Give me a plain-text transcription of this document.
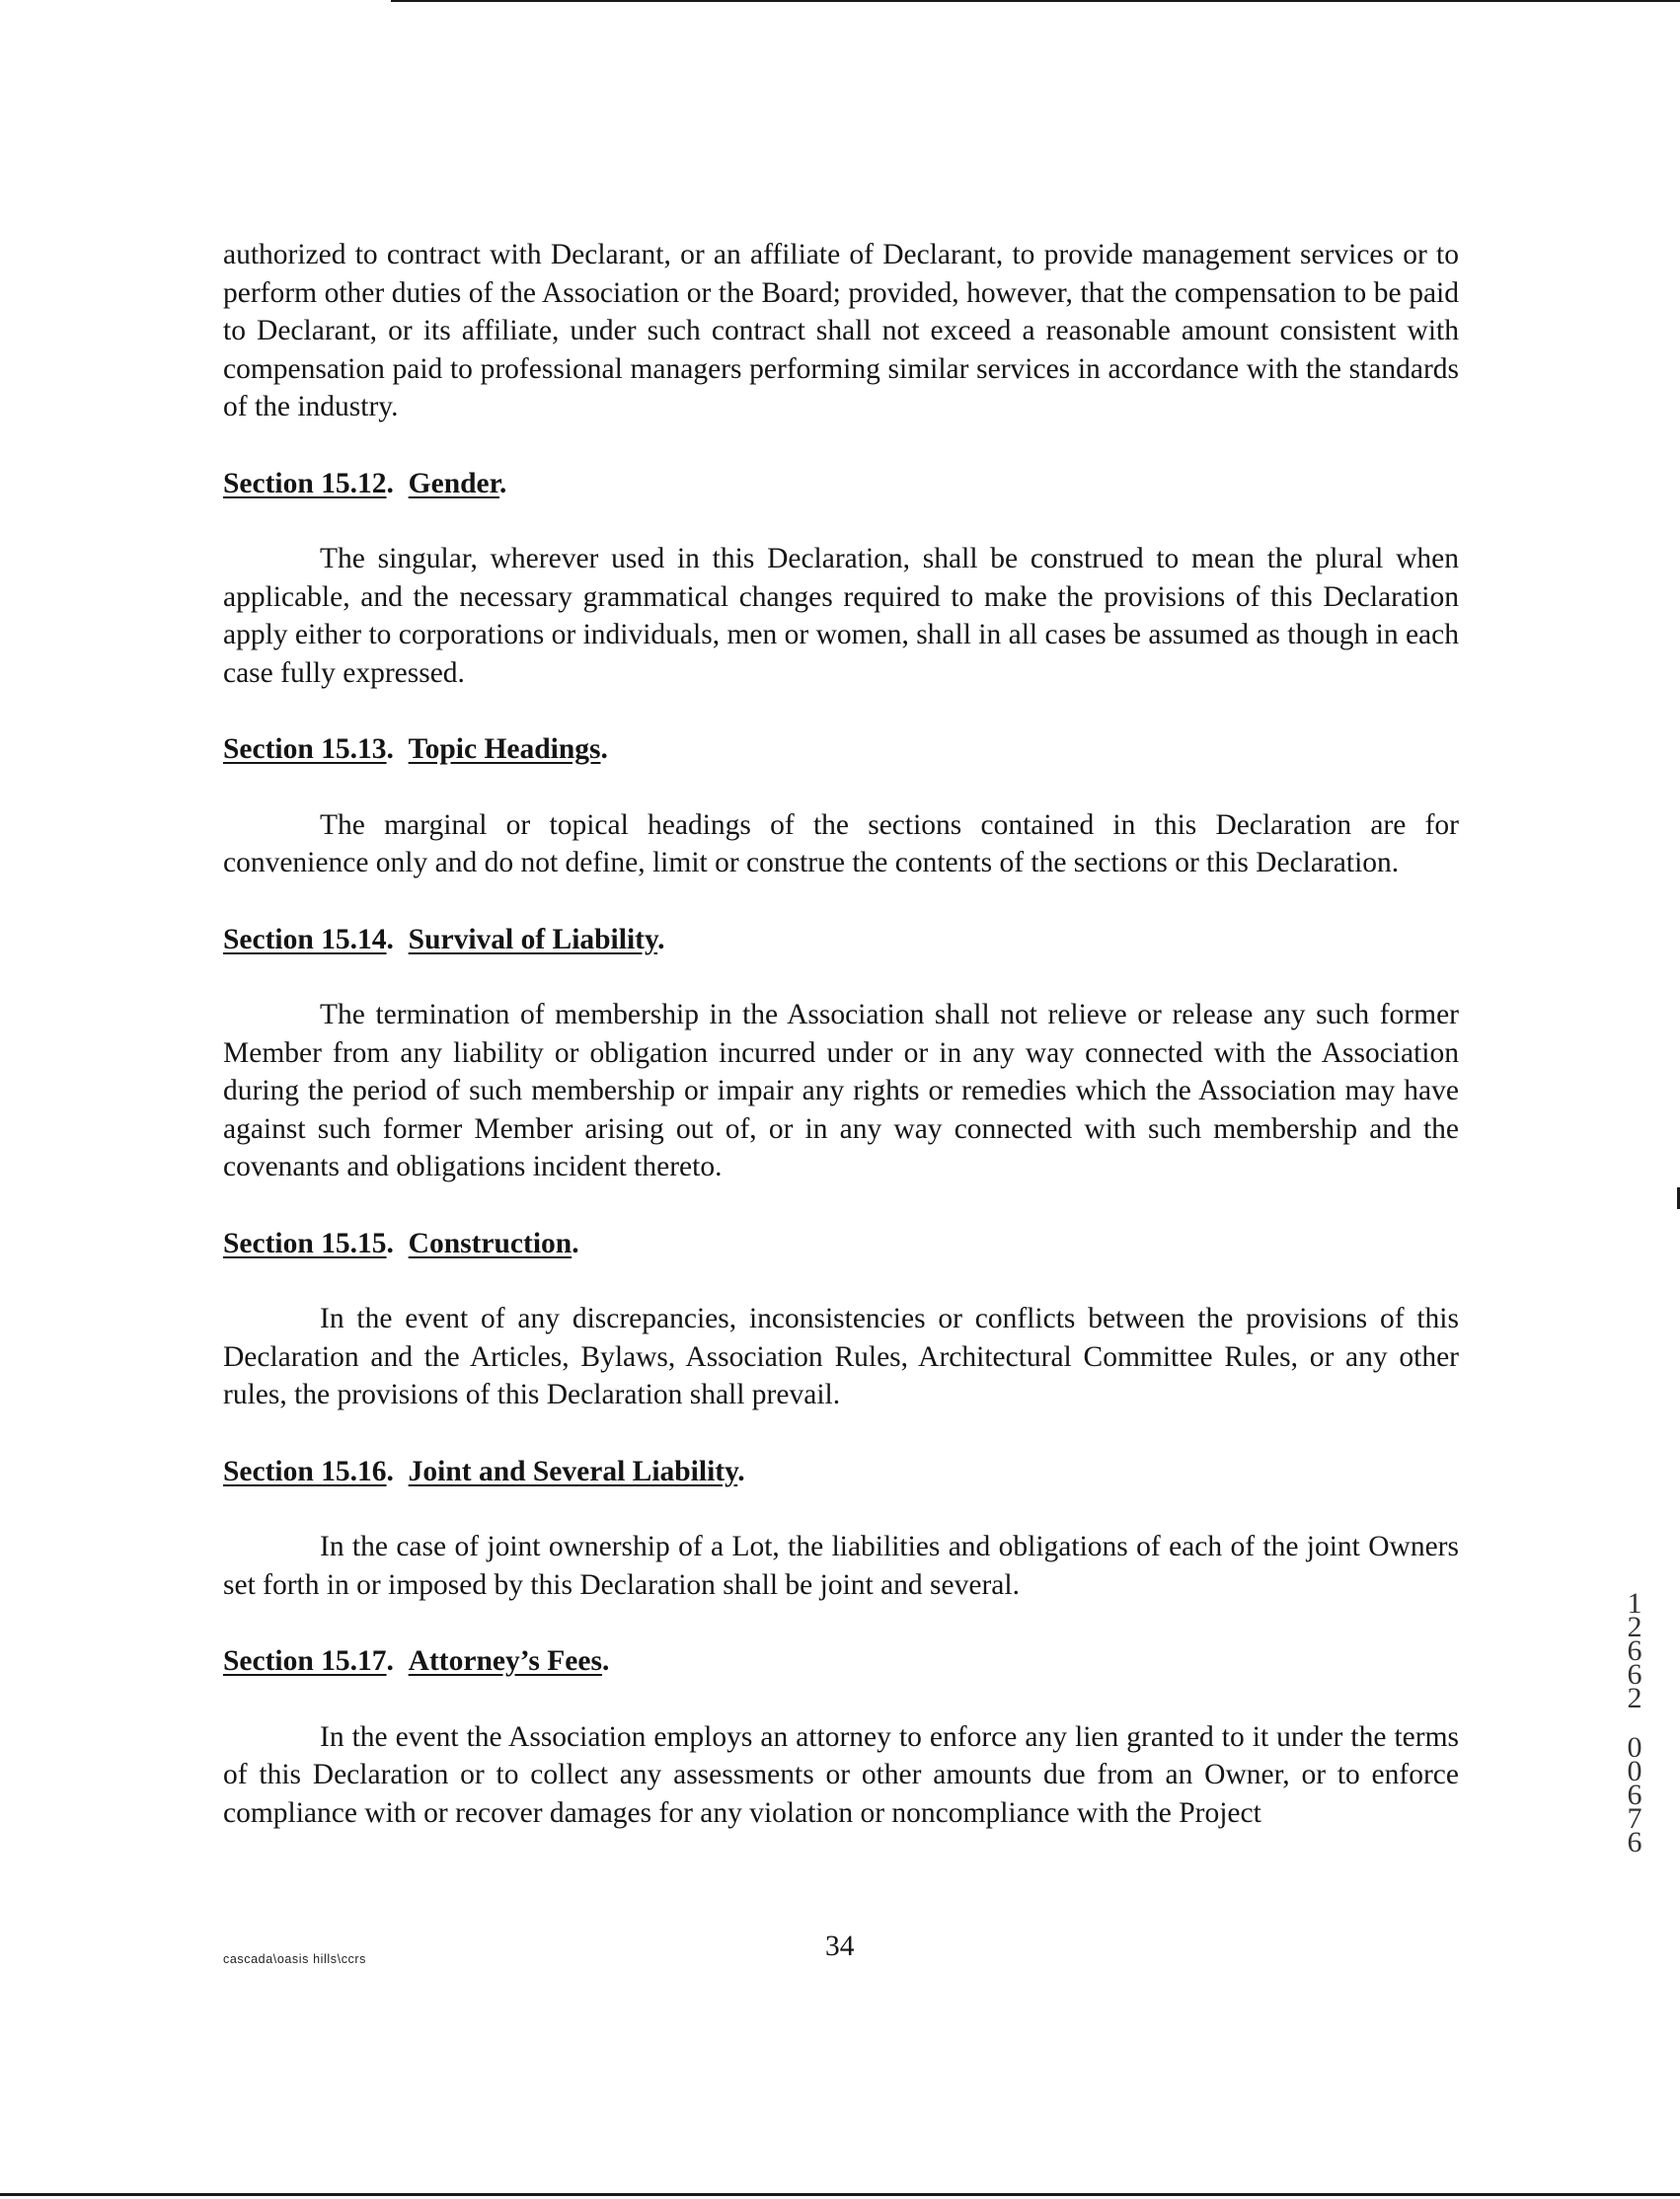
authorized to contract with Declarant, or an affiliate of Declarant, to provide management services or to perform other duties of the Association or the Board; provided, however, that the compensation to be paid to Declarant, or its affiliate, under such contract shall not exceed a reasonable amount consistent with compensation paid to professional managers performing similar services in accordance with the standards of the industry.

Section 15.12.  Gender.

The singular, wherever used in this Declaration, shall be construed to mean the plural when applicable, and the necessary grammatical changes required to make the provisions of this Declaration apply either to corporations or individuals, men or women, shall in all cases be assumed as though in each case fully expressed.

Section 15.13.  Topic Headings.

The marginal or topical headings of the sections contained in this Declaration are for convenience only and do not define, limit or construe the contents of the sections or this Declaration.

Section 15.14.  Survival of Liability.

The termination of membership in the Association shall not relieve or release any such former Member from any liability or obligation incurred under or in any way connected with the Association during the period of such membership or impair any rights or remedies which the Association may have against such former Member arising out of, or in any way connected with such membership and the covenants and obligations incident thereto.

Section 15.15.  Construction.

In the event of any discrepancies, inconsistencies or conflicts between the provisions of this Declaration and the Articles, Bylaws, Association Rules, Architectural Committee Rules, or any other rules, the provisions of this Declaration shall prevail.

Section 15.16.  Joint and Several Liability.

In the case of joint ownership of a Lot, the liabilities and obligations of each of the joint Owners set forth in or imposed by this Declaration shall be joint and several.

Section 15.17.  Attorney’s Fees.

In the event the Association employs an attorney to enforce any lien granted to it under the terms of this Declaration or to collect any assessments or other amounts due from an Owner, or to enforce compliance with or recover damages for any violation or noncompliance with the Project

cascada\oasis hills\ccrs	34
1
2
6
6
2
0
0
6
7
6
